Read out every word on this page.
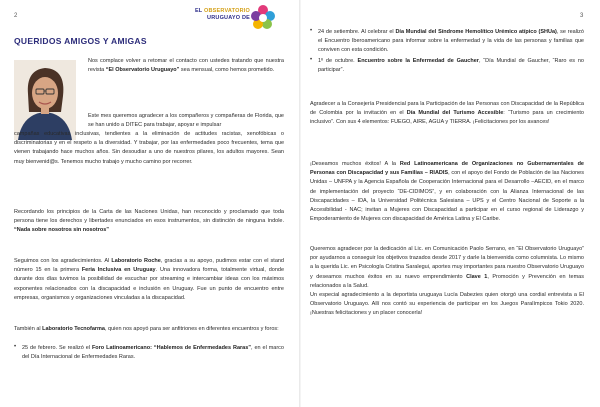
2
EL OBSERVATORIO
URUGUAYO DE
QUERIDOS AMIGOS Y AMIGAS
Nos complace volver a retomar el contacto con ustedes tratando que nuestra revista “El Observatorio Uruguayo” sea mensual, como hemos prometido.
Este mes queremos agradecer a los compañeros y compañeras de Florida, que se han unido a DITEC para trabajar, apoyar e impulsar
campañas educativas inclusivas, tendientes a la eliminación de actitudes racistas, xenofóbicas o discriminatorias y en el respeto a la diversidad. Y trabajar, por las enfermedades poco frecuentes, tema que vienen trabajando hace muchos años. Sin desoudiar a uno de nuestros pilares, los adultos mayores. Sean muy bienvenid@s. Tenemos mucho trabajo y mucho camino por recorrer.
Recordando los principios de la Carta de las Naciones Unidas, han reconocido y proclamado que toda persona tiene los derechos y libertades enunciados en esos instrumentos, sin distinción de ninguna índole. “Nada sobre nosotros sin nosotros”
Seguimos con los agradecimientos. Al Laboratorio Roche, gracias a su apoyo, pudimos estar con el stand número 15 en la primera Feria Inclusiva en Uruguay. Una innovadora forma, totalmente virtual, donde durante dos días tuvimos la posibilidad de escuchar por streaming e intercambiar ideas con los máximos exponentes relacionados con la discapacidad e inclusión en Uruguay. Fue un punto de encuentro entre empresas, organismos y organizaciones vinculadas a la discapacidad.
También al Laboratorio Tecnofarma, quien nos apoyó para ser anfitriones en diferentes encuentros y foros:
• 25 de febrero. Se realizó el Foro Latinoamericano: “Hablemos de Enfermedades Raras”, en el marco del Día Internacional de Enfermedades Raras.
3
• 24 de setiembre. Al celebrar el Día Mundial del Síndrome Hemolítico Urémico atípico (SHUa), se realizó el Encuentro Iberoamericano para informar sobre la enfermedad y la vida de las personas y familias que conviven con esta condición.
• 1º de octubre. Encuentro sobre la Enfermedad de Gaucher, “Día Mundial de Gaucher, “Raro es no participar”.
Agradecer a la Consejería Presidencial para la Participación de las Personas con Discapacidad de la República de Colombia por la invitación en el Día Mundial del Turismo Accesible: “Turismo para un crecimiento inclusivo”. Con sus 4 elementos: FUEGO, AIRE, AGUA y TIERRA. ¡Felicitaciones por los avances!
¡Deseamos muchos éxitos! A la Red Latinoamericana de Organizaciones no Gubernamentales de Personas con Discapacidad y sus Familias – RIADIS, con el apoyo del Fondo de Población de las Naciones Unidas – UNFPA y la Agencia Española de Cooperación Internacional para el Desarrollo –AECID, en el marco de implementación del proyecto “DE-CIDIMOS”, y en colaboración con la Alianza Internacional de las Discapacidades – IDA, la Universidad Politécnica Salesiana – UPS y el Centro Nacional de Soporte a la Accesibilidad - NAC; invitan a Mujeres con Discapacidad a participar en el curso regional de Liderazgo y Empoderamiento de Mujeres con discapacidad de América Latina y El Caribe.
Queremos agradecer por la dedicación al Lic. en Comunicación Paolo Serrano, en “El Observatorio Uruguayo” por ayudarnos a conseguir los objetivos trazados desde 2017 y darle la bienvenida como columnista. Lo mismo a la querida Lic. en Psicología Cristina Saralegui, aportes muy importantes para nuestro Observatorio Uruguayo y deseamos muchos éxitos en su nuevo emprendimiento Clave 1, Promoción y Prevención en temas relacionados a la Salud.
Un especial agradecimiento a la deportista uruguaya Lucía Dabezies quien otorgó una cordial entrevista a El Observatorio Uruguayo. Allí nos contó su experiencia de participar en los Juegos Paralímpicos Tokio 2020. ¡Nuestras felicitaciones y un placer conocerla!
